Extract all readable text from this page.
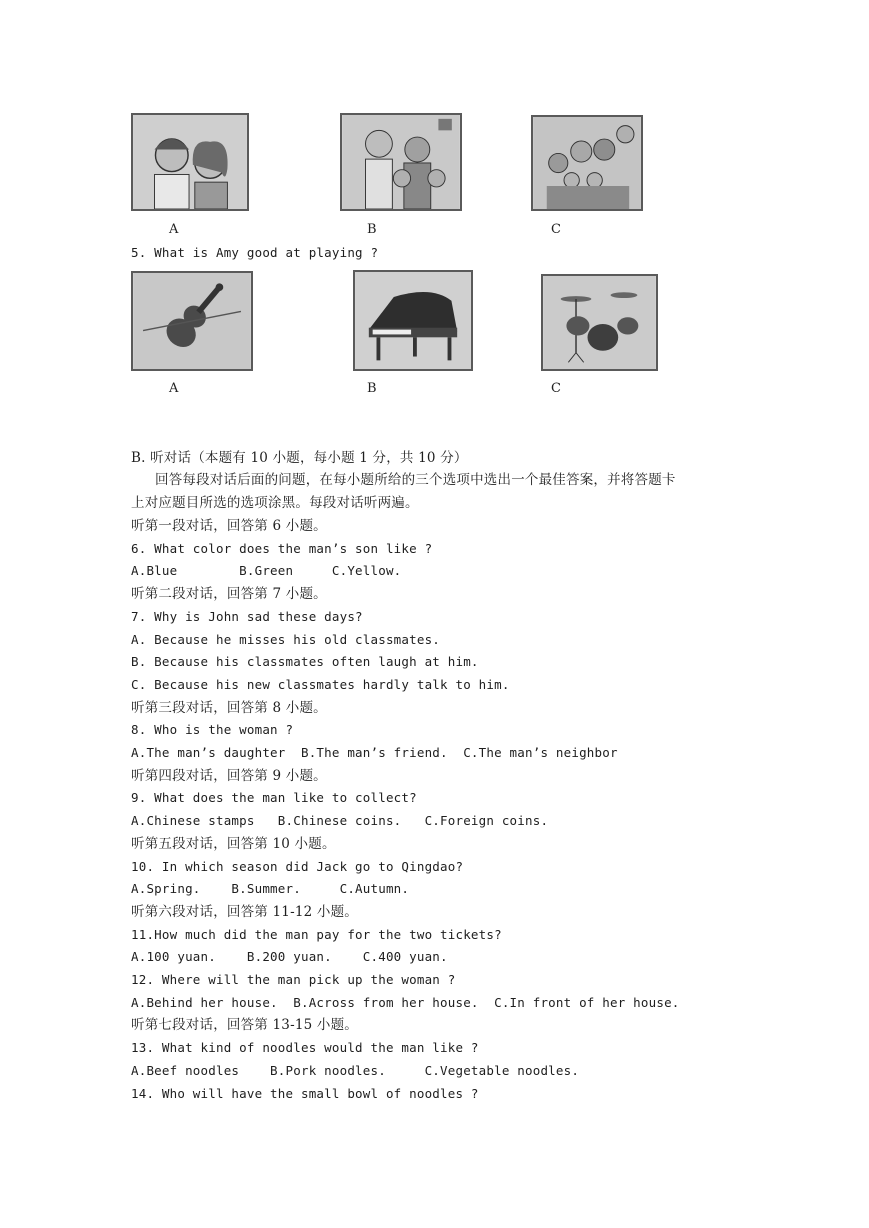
A	B	C
5. What is Amy good at playing ?
A	B	C
B. 听对话（本题有 10 小题，每小题 1 分，共 10 分）
回答每段对话后面的问题，在每小题所给的三个选项中选出一个最佳答案，并将答题卡
上对应题目所选的选项涂黑。每段对话听两遍。
听第一段对话，回答第 6 小题。
6. What color does the man’s son like ?
A.Blue        B.Green     C.Yellow.
听第二段对话，回答第 7 小题。
7. Why is John sad these days?
A. Because he misses his old classmates.
B. Because his classmates often laugh at him.
C. Because his new classmates hardly talk to him.
听第三段对话，回答第 8 小题。
8. Who is the woman ?
A.The man’s daughter  B.The man’s friend.  C.The man’s neighbor
听第四段对话，回答第 9 小题。
9. What does the man like to collect?
A.Chinese stamps   B.Chinese coins.   C.Foreign coins.
听第五段对话，回答第 10 小题。
10. In which season did Jack go to Qingdao?
A.Spring.    B.Summer.     C.Autumn.
听第六段对话，回答第 11-12 小题。
11.How much did the man pay for the two tickets?
A.100 yuan.    B.200 yuan.    C.400 yuan.
12. Where will the man pick up the woman ?
A.Behind her house.  B.Across from her house.  C.In front of her house.
听第七段对话，回答第 13-15 小题。
13. What kind of noodles would the man like ?
A.Beef noodles    B.Pork noodles.     C.Vegetable noodles.
14. Who will have the small bowl of noodles ?
